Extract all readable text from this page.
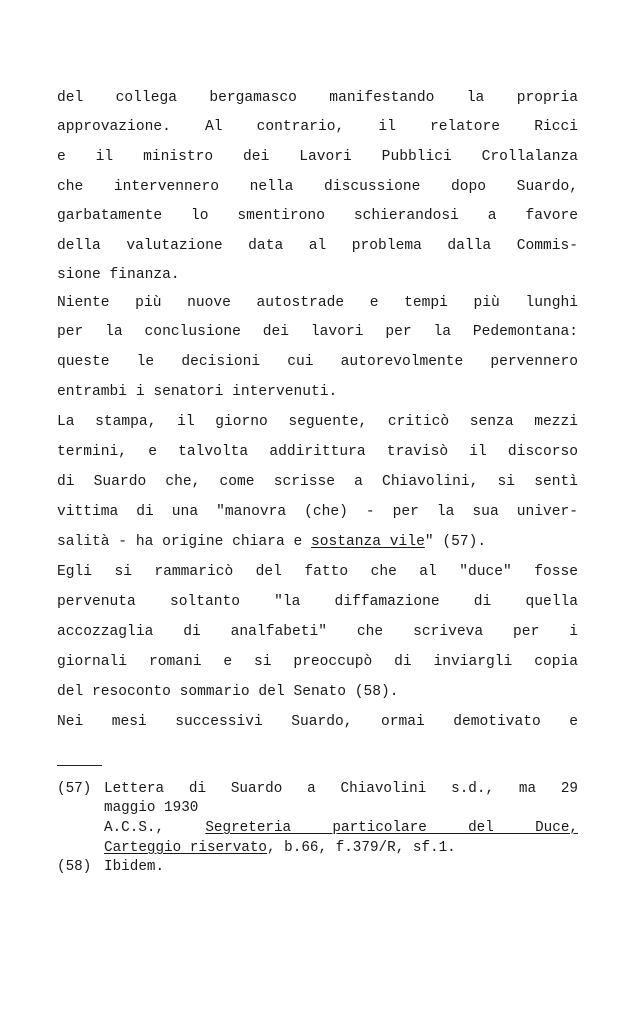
del collega bergamasco manifestando la propria
approvazione. Al contrario, il relatore Ricci
e il ministro dei Lavori Pubblici Crollalanza
che intervennero nella discussione dopo Suardo,
garbatamente lo smentirono schierandosi a favore
della valutazione data al problema dalla Commis-
sione finanza.
Niente più nuove autostrade e tempi più lunghi
per la conclusione dei lavori per la Pedemontana:
queste le decisioni cui autorevolmente pervennero
entrambi i senatori intervenuti.
La stampa, il giorno seguente, criticò senza mezzi
termini, e talvolta addirittura travisò il discorso
di Suardo che, come scrisse a Chiavolini, si sentì
vittima di una "manovra (che) - per la sua univer-
salità - ha origine chiara e sostanza vile" (57).
Egli si rammaricò del fatto che al "duce" fosse
pervenuta soltanto "la diffamazione di quella
accozzaglia di analfabeti" che scriveva per i
giornali romani e si preoccupò di inviargli copia
del resoconto sommario del Senato (58).
Nei mesi successivi Suardo, ormai demotivato e
(57) Lettera di Suardo a Chiavolini s.d., ma 29
maggio 1930
A.C.S., Segreteria particolare del Duce,
Carteggio riservato, b.66, f.379/R, sf.1.
(58) Ibidem.
